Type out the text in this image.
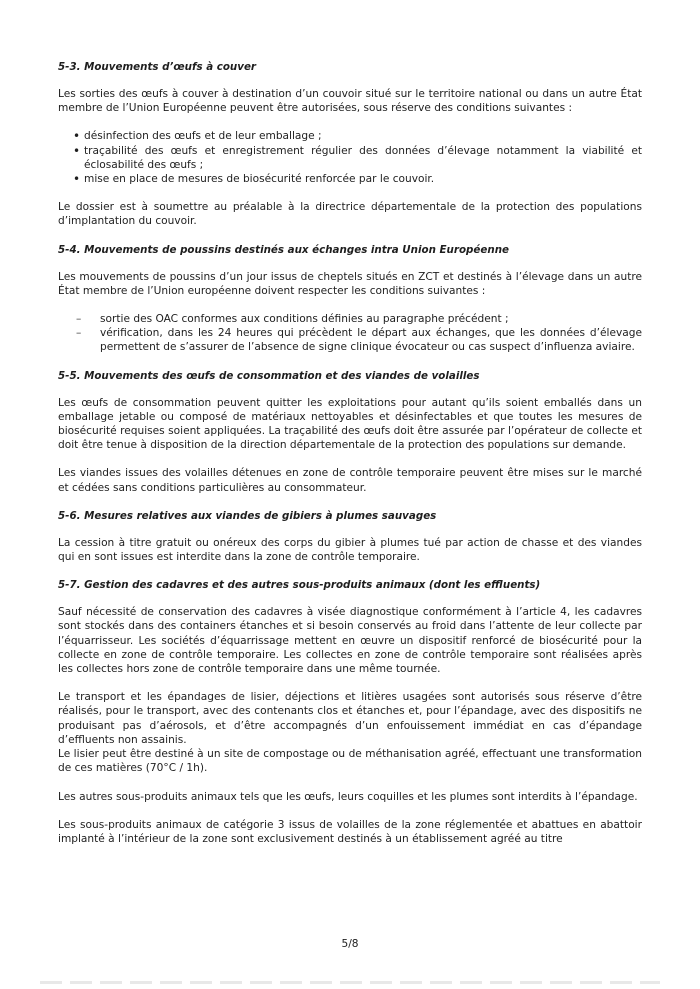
5-3. Mouvements d’œufs à couver

Les sorties des œufs à couver à destination d’un couvoir situé sur le territoire national ou dans un autre État membre de l’Union Européenne peuvent être autorisées, sous réserve des conditions suivantes :

• désinfection des œufs et de leur emballage ;
• traçabilité des œufs et enregistrement régulier des données d’élevage notamment la viabilité et éclosabilité des œufs ;
• mise en place de mesures de biosécurité renforcée par le couvoir.

Le dossier est à soumettre au préalable à la directrice départementale de la protection des populations d’implantation du couvoir.

5-4. Mouvements de poussins destinés aux échanges intra Union Européenne

Les mouvements de poussins d’un jour issus de cheptels situés en ZCT et destinés à l’élevage dans un autre État membre de l’Union européenne doivent respecter les conditions suivantes :

– sortie des OAC conformes aux conditions définies au paragraphe précédent ;
– vérification, dans les 24 heures qui précèdent le départ aux échanges, que les données d’élevage permettent de s’assurer de l’absence de signe clinique évocateur ou cas suspect d’influenza aviaire.
5-5. Mouvements des œufs de consommation et des viandes de volailles

Les œufs de consommation peuvent quitter les exploitations pour autant qu’ils soient emballés dans un emballage jetable ou composé de matériaux nettoyables et désinfectables et que toutes les mesures de biosécurité requises soient appliquées. La traçabilité des œufs doit être assurée par l’opérateur de collecte et doit être tenue à disposition de la direction départementale de la protection des populations sur demande.

Les viandes issues des volailles détenues en zone de contrôle temporaire peuvent être mises sur le marché et cédées sans conditions particulières au consommateur.

5-6. Mesures relatives aux viandes de gibiers à plumes sauvages

La cession à titre gratuit ou onéreux des corps du gibier à plumes tué par action de chasse et des viandes qui en sont issues est interdite dans la zone de contrôle temporaire.

5-7. Gestion des cadavres et des autres sous-produits animaux (dont les effluents)

Sauf nécessité de conservation des cadavres à visée diagnostique conformément à l’article 4, les cadavres sont stockés dans des containers étanches et si besoin conservés au froid dans l’attente de leur collecte par l’équarrisseur. Les sociétés d’équarrissage mettent en œuvre un dispositif renforcé de biosécurité pour la collecte en zone de contrôle temporaire. Les collectes en zone de contrôle temporaire sont réalisées après les collectes hors zone de contrôle temporaire dans une même tournée.

Le transport et les épandages de lisier, déjections et litières usagées sont autorisés sous réserve d’être réalisés, pour le transport, avec des contenants clos et étanches et, pour l’épandage, avec des dispositifs ne produisant pas d’aérosols, et d’être accompagnés d’un enfouissement immédiat en cas d’épandage d’effluents non assainis.

Le lisier peut être destiné à un site de compostage ou de méthanisation agréé, effectuant une transformation de ces matières (70°C / 1h).

Les autres sous-produits animaux tels que les œufs, leurs coquilles et les plumes sont interdits à l’épandage.

Les sous-produits animaux de catégorie 3 issus de volailles de la zone réglementée et abattues en abattoir implanté à l’intérieur de la zone sont exclusivement destinés à un établissement agréé au titre

5/8
